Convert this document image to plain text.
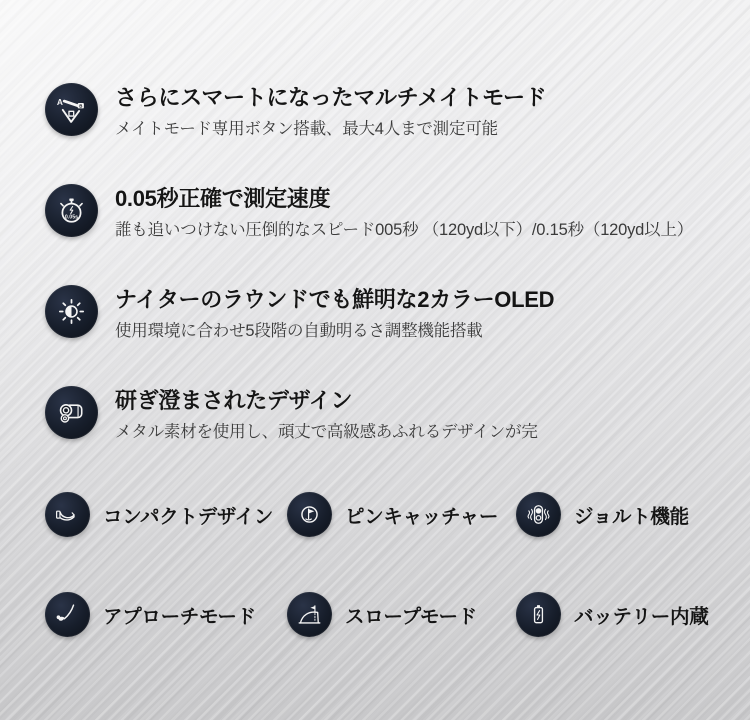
A	B さらにスマートになったマルチメイトモード
メイトモード専用ボタン搭載、最大4人まで測定可能
0.05s
0.05秒正確で測定速度
誰も追いつけない圧倒的なスピード005秒 （120yd以下）/0.15秒（120yd以上）
ナイターのラウンドでも鮮明な2カラーOLED
使用環境に合わせ5段階の自動明るさ調整機能搭載
研ぎ澄まされたデザイン
メタル素材を使用し、頑丈で高級感あふれるデザインが完
コンパクトデザイン	ピンキャッチャー	ジョルト機能
アプローチモード	スロープモード	バッテリー内蔵
